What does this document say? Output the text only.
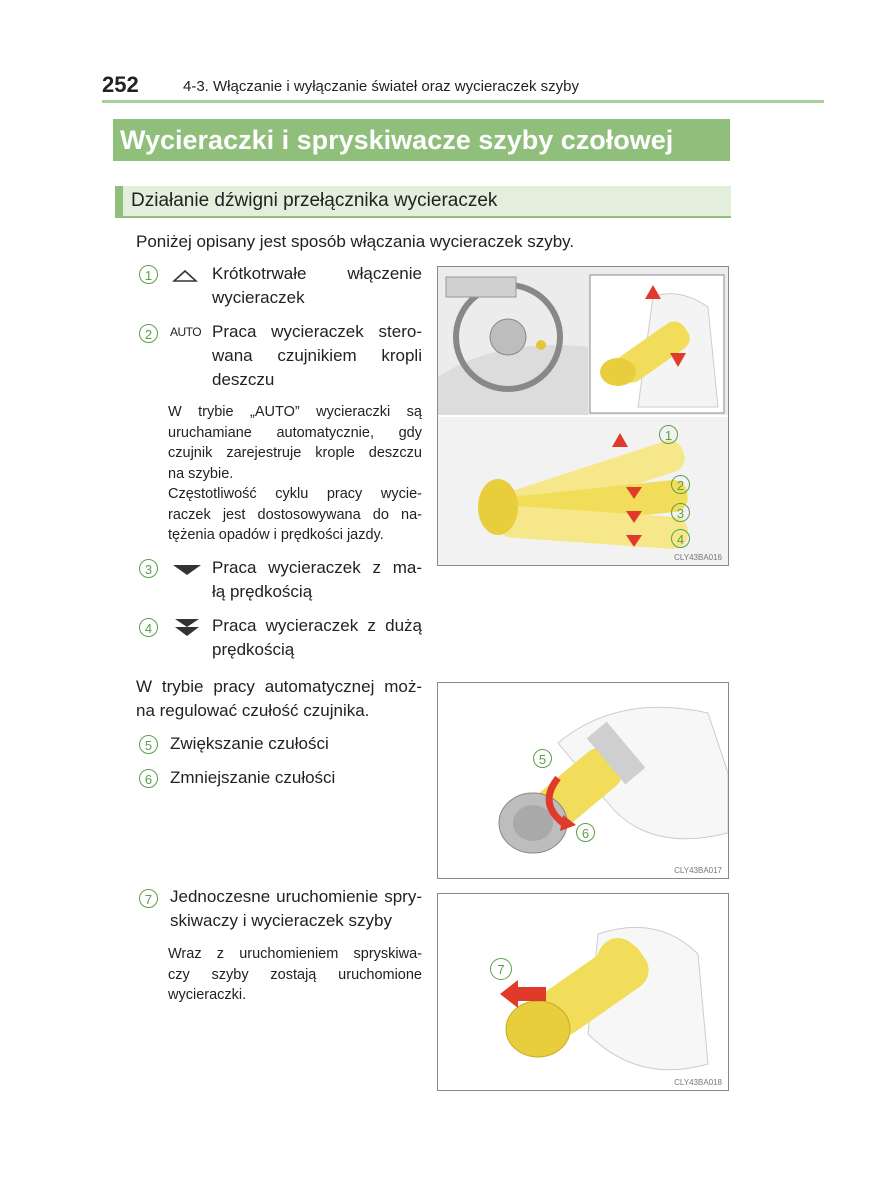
252	4-3. Włączanie i wyłączanie świateł oraz wycieraczek szyby
Wycieraczki i spryskiwacze szyby czołowej
Działanie dźwigni przełącznika wycieraczek
Poniżej opisany jest sposób włączania wycieraczek szyby.
1	Krótkotrwałe włączenie
wycieraczek
2	AUTO Praca wycieraczek stero-
wana czujnikiem kropli
deszczu
W trybie „AUTO” wycieraczki są
uruchamiane automatycznie, gdy
czujnik zarejestruje krople deszczu
na szybie.
Częstotliwość cyklu pracy wycie-
raczek jest dostosowywana do na-
tężenia opadów i prędkości jazdy.
3	Praca wycieraczek z ma-
łą prędkością
4	Praca wycieraczek z dużą
prędkością
W trybie pracy automatycznej moż-
na regulować czułość czujnika.
5	Zwiększanie czułości
6	Zmniejszanie czułości
7	Jednoczesne uruchomienie spry-
skiwaczy i wycieraczek szyby
Wraz z uruchomieniem spryskiwa-
czy szyby zostają uruchomione
wycieraczki.
1
2
3
4
CLY43BA016
5
6
CLY43BA017
7
CLY43BA018
